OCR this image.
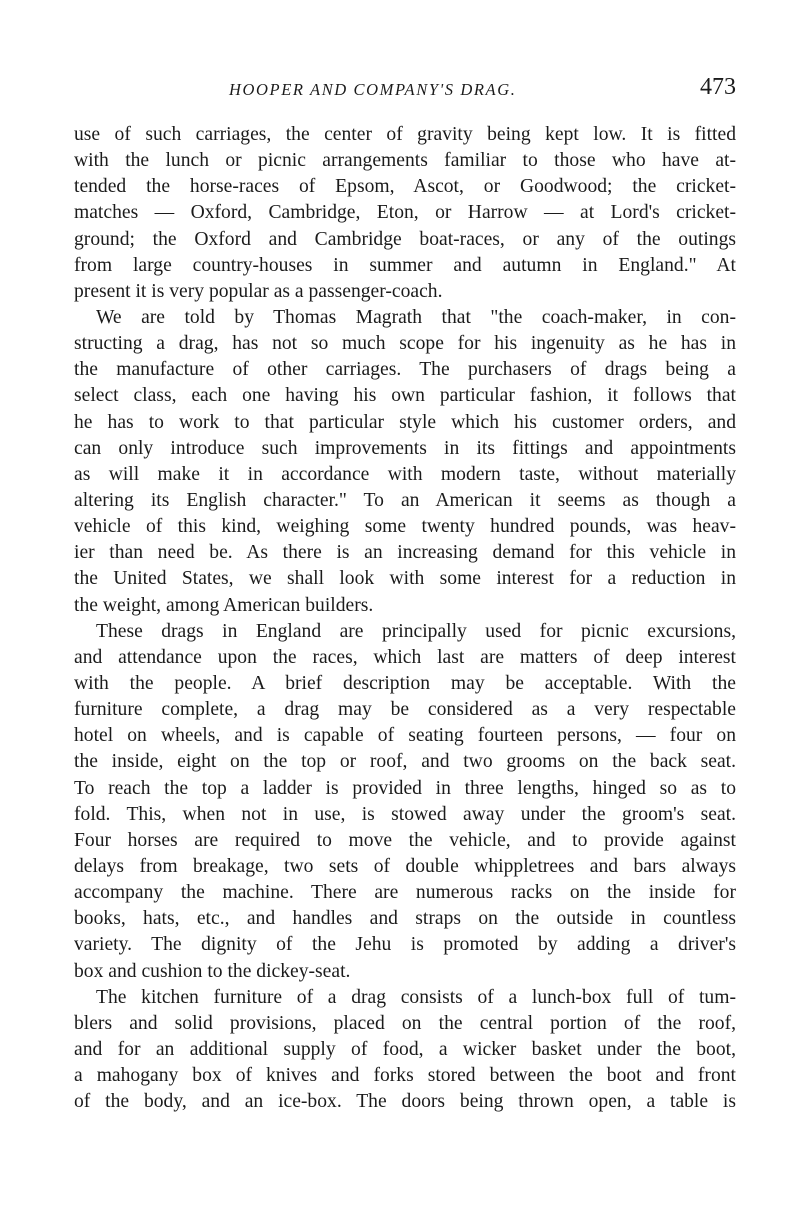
HOOPER AND COMPANY'S DRAG.	473
use of such carriages, the center of gravity being kept low. It is fitted
with the lunch or picnic arrangements familiar to those who have at-
tended the horse-races of Epsom, Ascot, or Goodwood; the cricket-
matches — Oxford, Cambridge, Eton, or Harrow — at Lord's cricket-
ground; the Oxford and Cambridge boat-races, or any of the outings
from large country-houses in summer and autumn in England." At
present it is very popular as a passenger-coach.
We are told by Thomas Magrath that "the coach-maker, in con-
structing a drag, has not so much scope for his ingenuity as he has in
the manufacture of other carriages. The purchasers of drags being a
select class, each one having his own particular fashion, it follows that
he has to work to that particular style which his customer orders, and
can only introduce such improvements in its fittings and appointments
as will make it in accordance with modern taste, without materially
altering its English character." To an American it seems as though a
vehicle of this kind, weighing some twenty hundred pounds, was heav-
ier than need be. As there is an increasing demand for this vehicle in
the United States, we shall look with some interest for a reduction in
the weight, among American builders.
These drags in England are principally used for picnic excursions,
and attendance upon the races, which last are matters of deep interest
with the people. A brief description may be acceptable. With the
furniture complete, a drag may be considered as a very respectable
hotel on wheels, and is capable of seating fourteen persons, — four on
the inside, eight on the top or roof, and two grooms on the back seat.
To reach the top a ladder is provided in three lengths, hinged so as to
fold. This, when not in use, is stowed away under the groom's seat.
Four horses are required to move the vehicle, and to provide against
delays from breakage, two sets of double whippletrees and bars always
accompany the machine. There are numerous racks on the inside for
books, hats, etc., and handles and straps on the outside in countless
variety. The dignity of the Jehu is promoted by adding a driver's
box and cushion to the dickey-seat.
The kitchen furniture of a drag consists of a lunch-box full of tum-
blers and solid provisions, placed on the central portion of the roof,
and for an additional supply of food, a wicker basket under the boot,
a mahogany box of knives and forks stored between the boot and front
of the body, and an ice-box. The doors being thrown open, a table is
